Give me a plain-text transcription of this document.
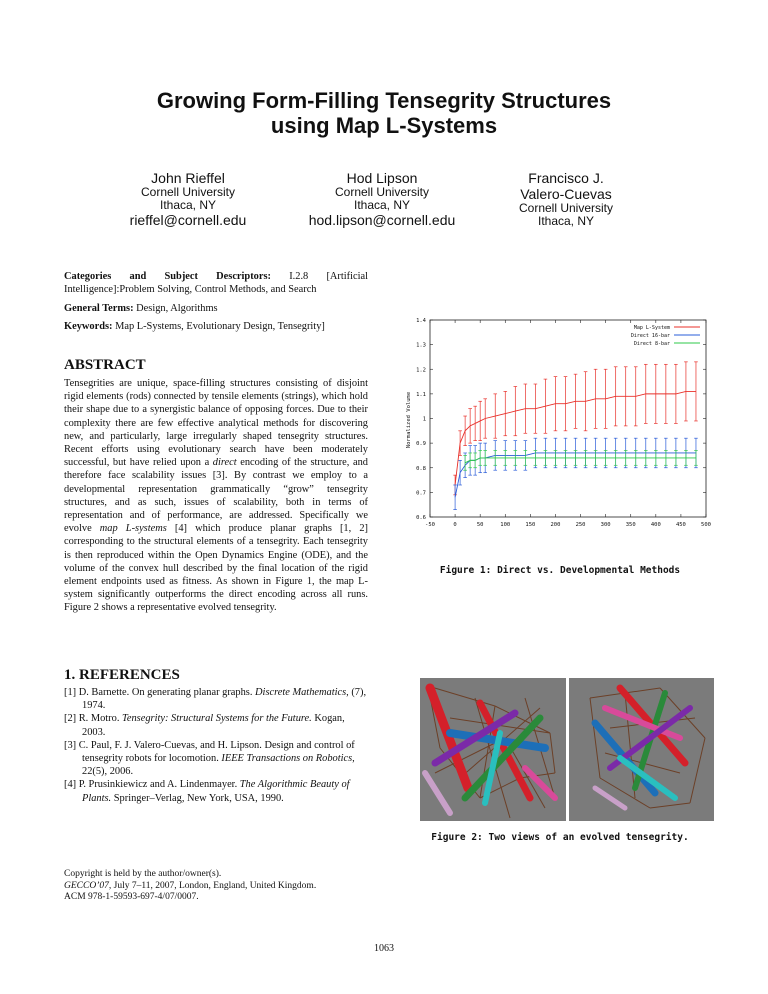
Growing Form-Filling Tensegrity Structures
using Map L-Systems
John Rieffel
Cornell University
Ithaca, NY
rieffel@cornell.edu
Hod Lipson
Cornell University
Ithaca, NY
hod.lipson@cornell.edu
Francisco J.
Valero-Cuevas
Cornell University
Ithaca, NY
Categories and Subject Descriptors: I.2.8 [Artificial Intelligence]:Problem Solving, Control Methods, and Search
General Terms: Design, Algorithms
Keywords: Map L-Systems, Evolutionary Design, Tensegrity]
ABSTRACT
Tensegrities are unique, space-filling structures consisting of disjoint rigid elements (rods) connected by tensile elements (strings), which hold their shape due to a synergistic balance of opposing forces. Due to their complexity there are few effective analytical methods for discovering new, and particularly, large irregularly shaped tensegrity structures. Recent efforts using evolutionary search have been moderately successful, but have relied upon a direct encoding of the structure, and therefore face scalability issues [3]. By contrast we employ to a developmental representation grammatically “grow” tensegrity structures, and as such, issues of scalability, both in terms of representation and of performance, are addressed. Specifically we evolve map L-systems [4] which produce planar graphs [1, 2] corresponding to the structural elements of a tensegrity. Each tensegrity is then reproduced within the Open Dynamics Engine (ODE), and the volume of the convex hull described by the final location of the rigid element endpoints used as fitness. As shown in Figure 1, the map L-system significantly outperforms the direct encoding across all runs. Figure 2 shows a representative evolved tensegrity.
1. REFERENCES
[1] D. Barnette. On generating planar graphs. Discrete Mathematics, (7), 1974.
[2] R. Motro. Tensegrity: Structural Systems for the Future. Kogan, 2003.
[3] C. Paul, F. J. Valero-Cuevas, and H. Lipson. Design and control of tensegrity robots for locomotion. IEEE Transactions on Robotics, 22(5), 2006.
[4] P. Prusinkiewicz and A. Lindenmayer. The Algorithmic Beauty of Plants. Springer–Verlag, New York, USA, 1990.
Copyright is held by the author/owner(s).
GECCO’07, July 7–11, 2007, London, England, United Kingdom.
ACM 978-1-59593-697-4/07/0007.
1063
-50	0	50	100	150	200	250	300	350	400	450	500
0.6
0.7
0.8
0.9
1
1.1
1.2
1.3
1.4
Map L-System
Direct 16-bar
Direct 8-bar
Normalized Volume
Figure 1: Direct vs. Developmental Methods
Figure 2: Two views of an evolved tensegrity.
